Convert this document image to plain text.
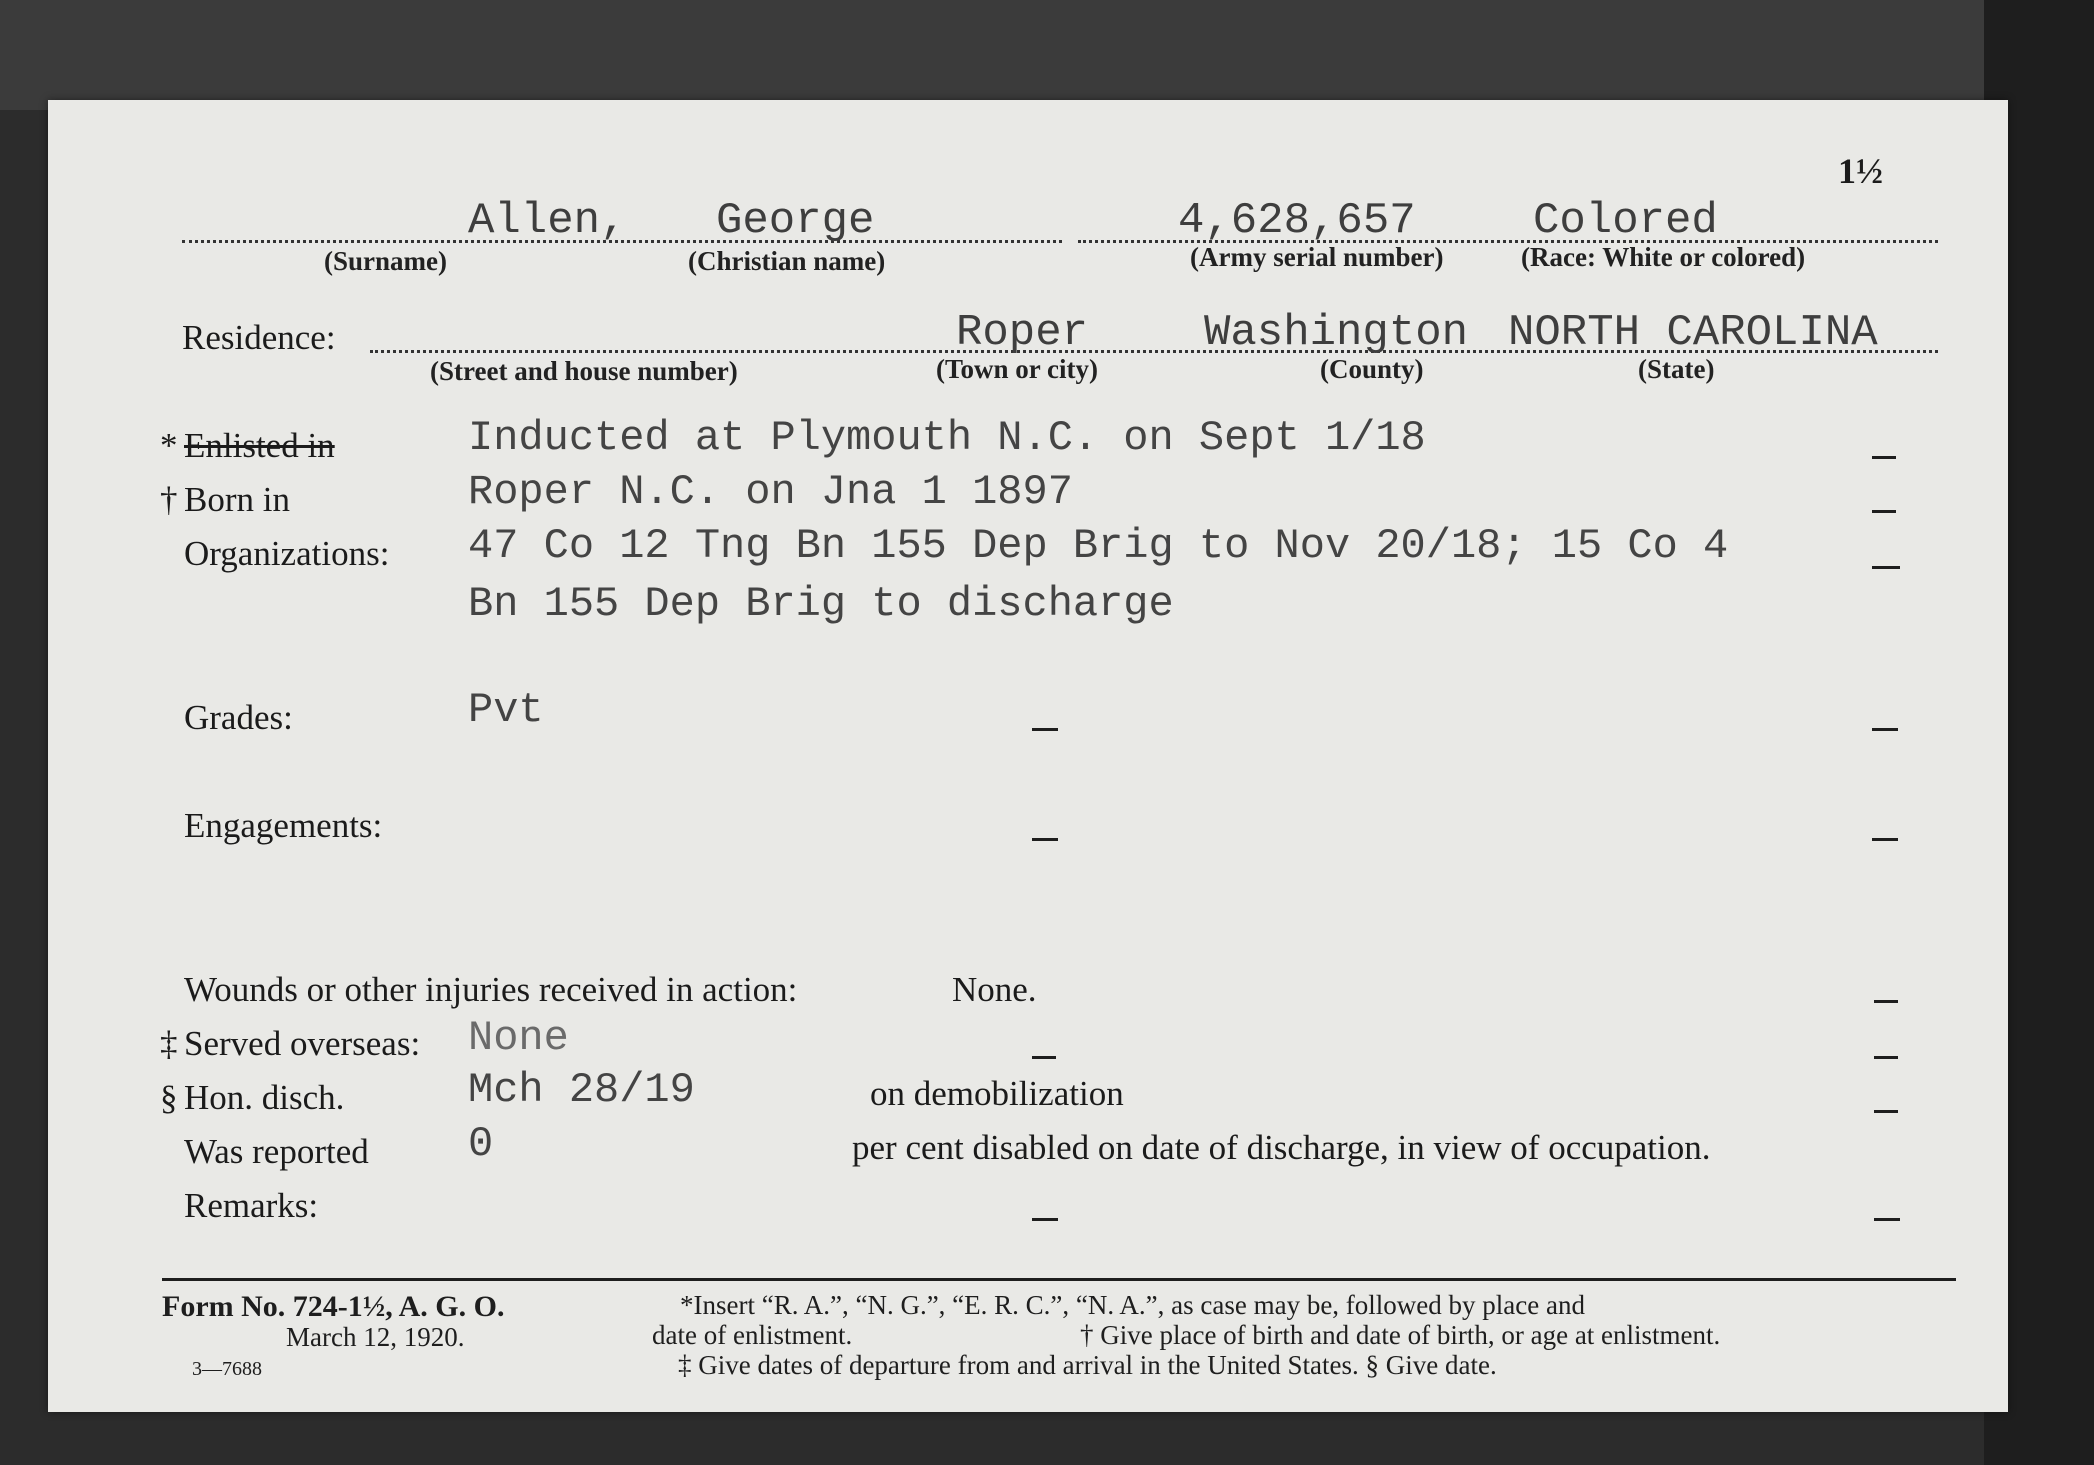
1½
Allen, George	4,628,657	Colored
(Surname)	(Christian name)	(Army serial number)	(Race: White or colored)
Residence:	Roper	Washington NORTH CAROLINA
(Street and house number)	(Town or city)	(County)	(State)
* Enlisted in	Inducted at Plymouth N.C. on Sept 1/18
† Born in	Roper N.C. on Jna 1 1897
Organizations: 47 Co 12 Tng Bn 155 Dep Brig to Nov 20/18; 15 Co 4
Bn 155 Dep Brig to discharge
Grades:	Pvt
Engagements:
Wounds or other injuries received in action:	None.
‡ Served overseas: None
§ Hon. disch.	Mch 28/19	on demobilization
Was reported 0	per cent disabled on date of discharge, in view of occupation.
Remarks:
Form No. 724-1½, A. G. O.
March 12, 1920.
3—7688
*Insert “R. A.”, “N. G.”, “E. R. C.”, “N. A.”, as case may be, followed by place and
date of enlistment.	† Give place of birth and date of birth, or age at enlistment.
‡ Give dates of departure from and arrival in the United States. § Give date.
